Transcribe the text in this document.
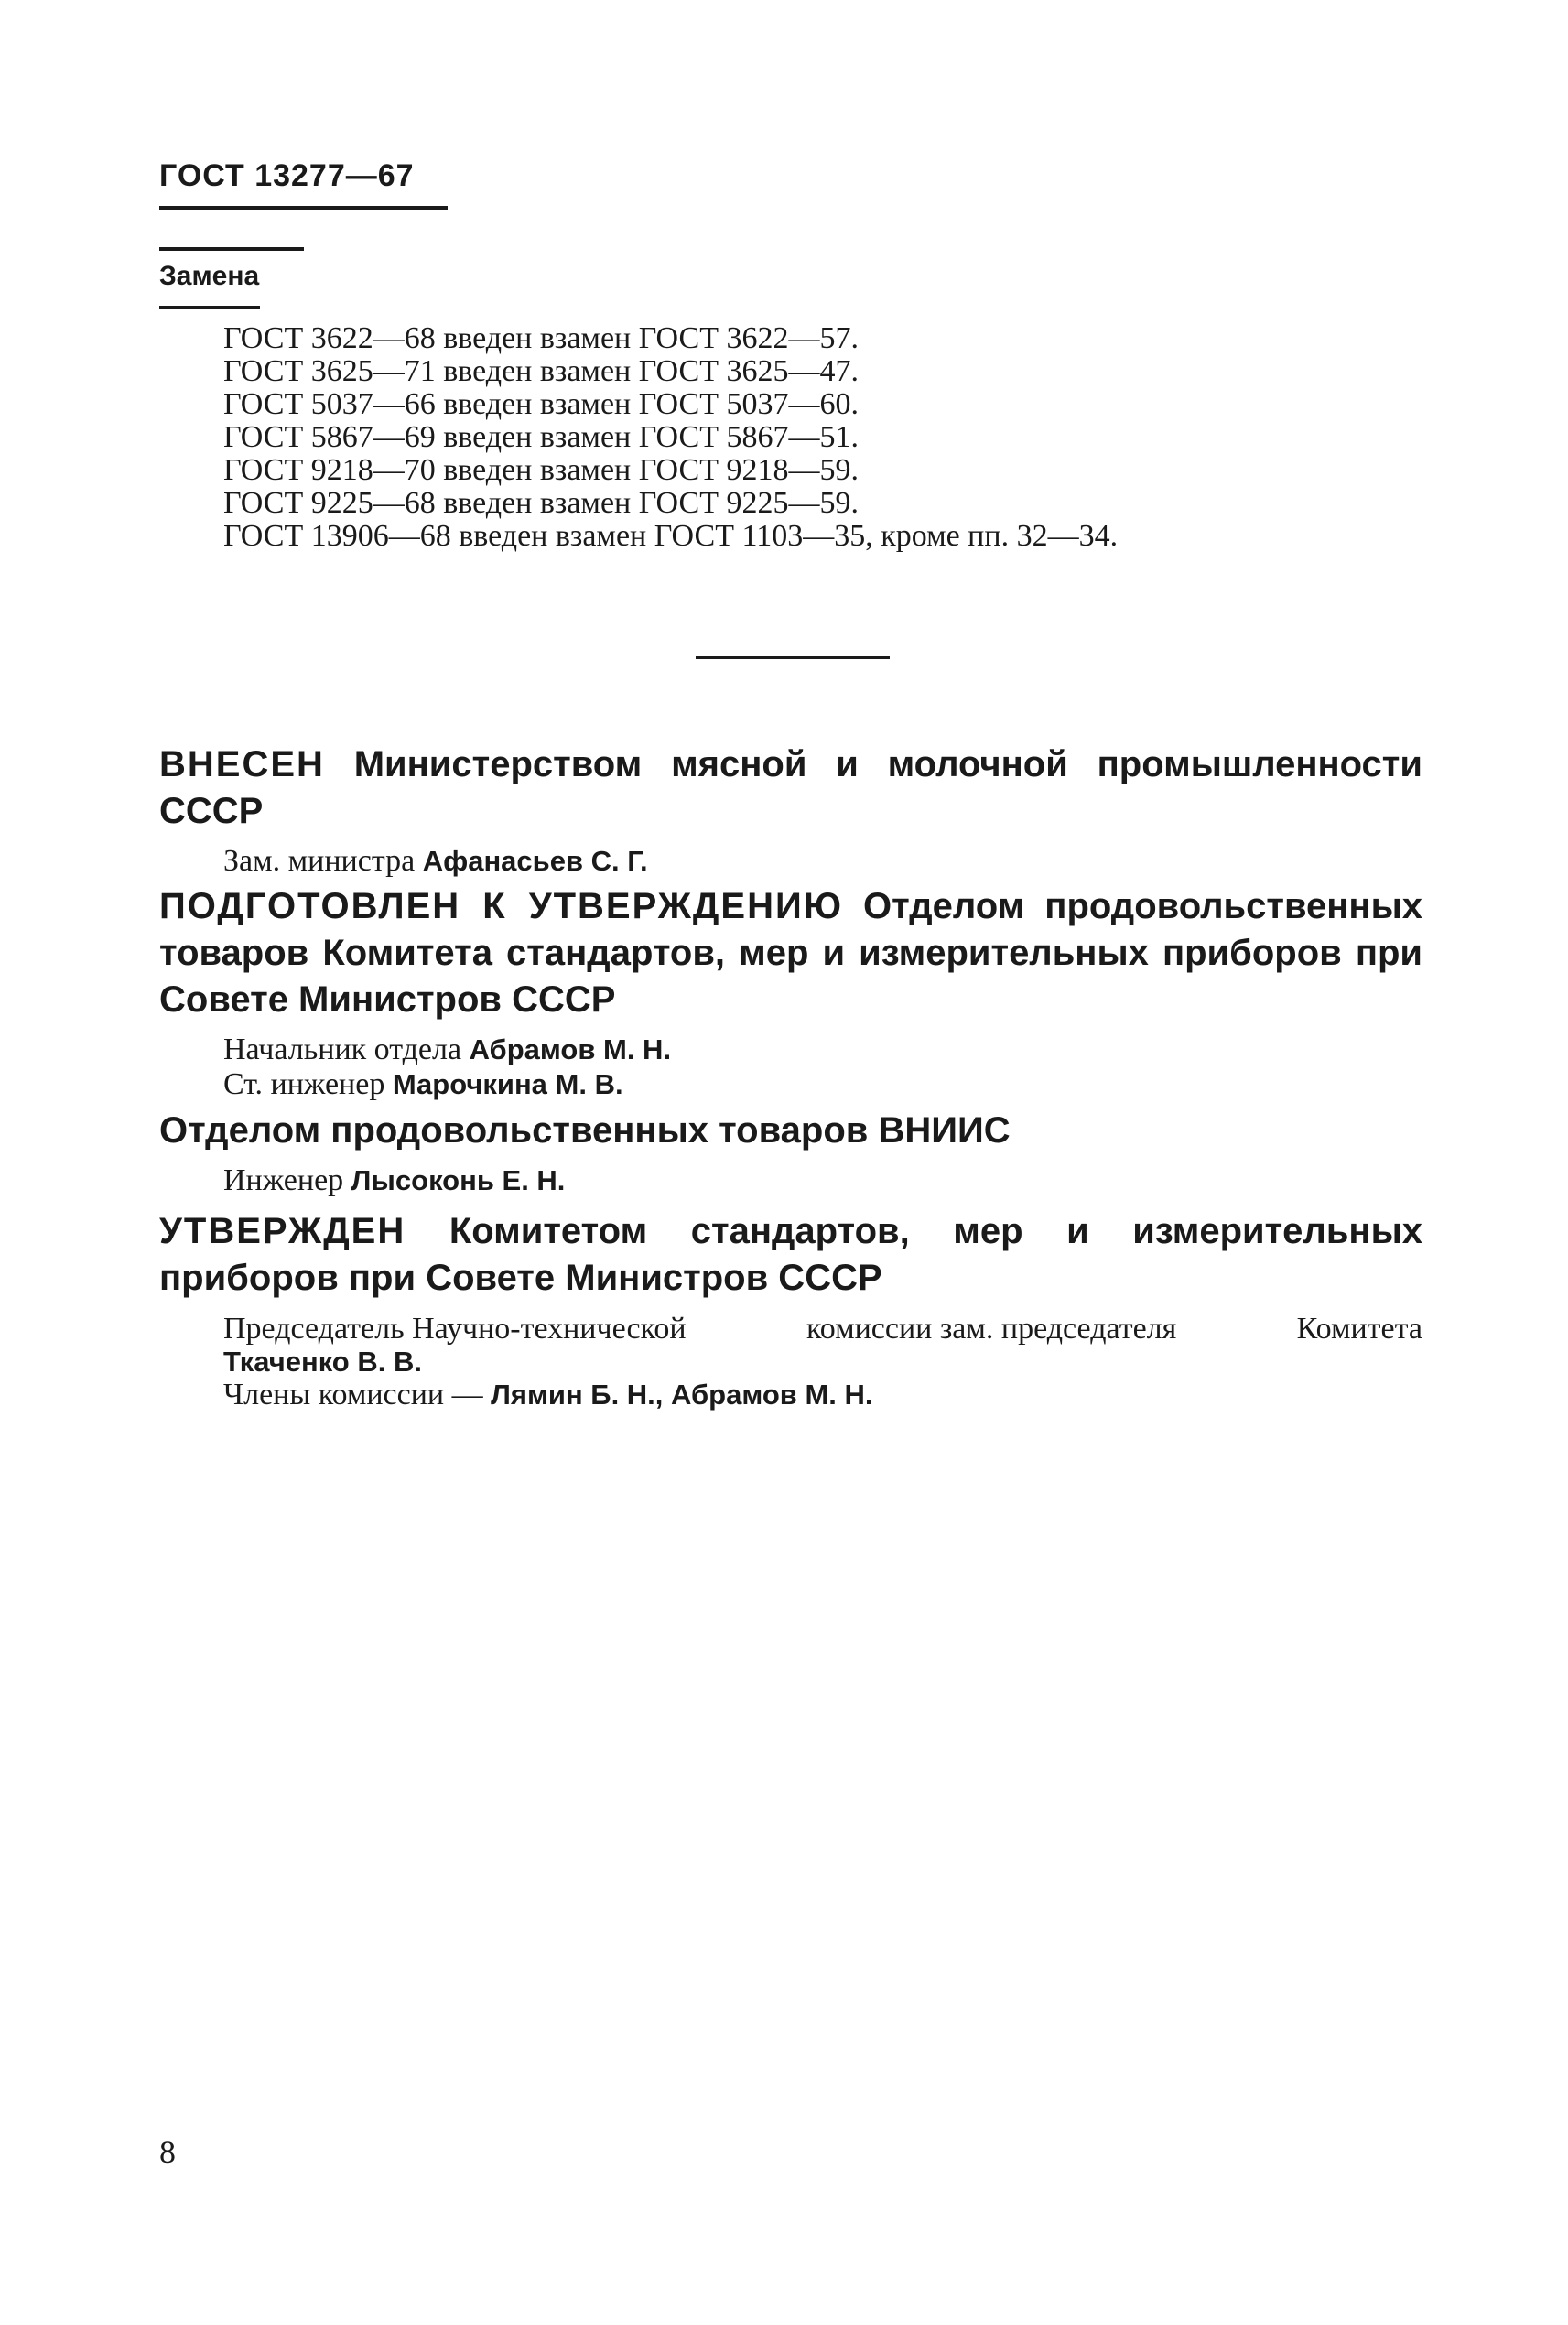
ГОСТ 13277—67
Замена
ГОСТ 3622—68 введен взамен ГОСТ 3622—57.
ГОСТ 3625—71 введен взамен ГОСТ 3625—47.
ГОСТ 5037—66 введен взамен ГОСТ 5037—60.
ГОСТ 5867—69 введен взамен ГОСТ 5867—51.
ГОСТ 9218—70 введен взамен ГОСТ 9218—59.
ГОСТ 9225—68 введен взамен ГОСТ 9225—59.
ГОСТ 13906—68 введен взамен ГОСТ 1103—35, кроме пп. 32—34.
ВНЕСЕН Министерством мясной и молочной промышленности СССР
Зам. министра Афанасьев С. Г.
ПОДГОТОВЛЕН К УТВЕРЖДЕНИЮ Отделом продовольственных товаров Комитета стандартов, мер и измерительных приборов при Совете Министров СССР
Начальник отдела Абрамов М. Н.
Ст. инженер Марочкина М. В.
Отделом продовольственных товаров ВНИИС
Инженер Лысоконь Е. Н.
УТВЕРЖДЕН Комитетом стандартов, мер и измерительных приборов при Совете Министров СССР
Председатель Научно-технической	комиссии зам. председателя	Комитета
Ткаченко В. В.
Члены комиссии — Лямин Б. Н., Абрамов М. Н.
8
